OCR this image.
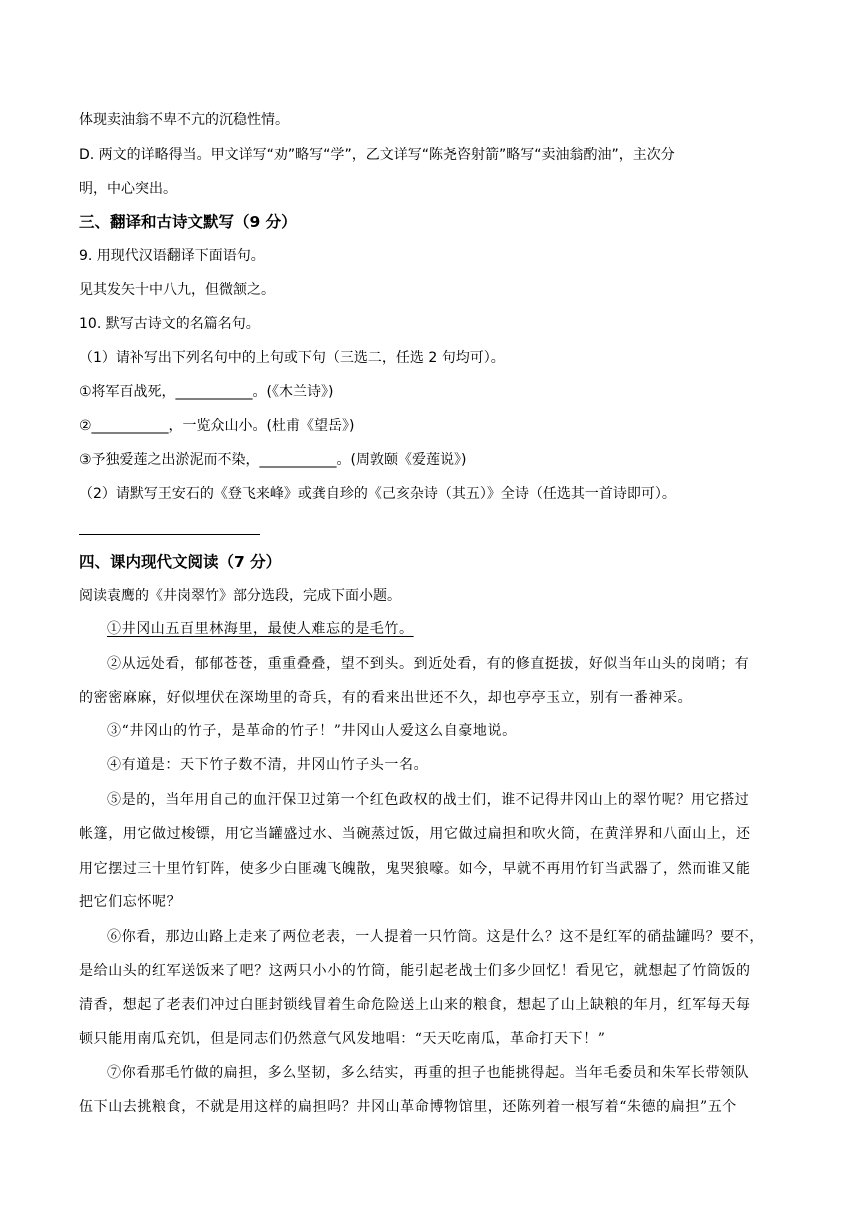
体现卖油翁不卑不亢的沉稳性情。
D. 两文的详略得当。甲文详写“劝”略写“学”，乙文详写“陈尧咨射箭”略写“卖油翁酌油”，主次分
明，中心突出。
三、翻译和古诗文默写（9 分）
9. 用现代汉语翻译下面语句。
见其发矢十中八九，但微颔之。
10. 默写古诗文的名篇名句。
（1）请补写出下列名句中的上句或下句（三选二，任选 2 句均可）。
①将军百战死，___________。(《木兰诗》)
②___________，一览众山小。(杜甫《望岳》)
③予独爱莲之出淤泥而不染，___________。(周敦颐《爱莲说》)
（2）请默写王安石的《登飞来峰》或龚自珍的《己亥杂诗（其五）》全诗（任选其一首诗即可）。
四、课内现代文阅读（7 分）
阅读袁鹰的《井岗翠竹》部分选段，完成下面小题。
①井冈山五百里林海里，最使人难忘的是毛竹。
②从远处看，郁郁苍苍，重重叠叠，望不到头。到近处看，有的修直挺拔，好似当年山头的岗哨；有
的密密麻麻，好似埋伏在深坳里的奇兵，有的看来出世还不久，却也亭亭玉立，别有一番神采。
③“井冈山的竹子，是革命的竹子！”井冈山人爱这么自豪地说。
④有道是：天下竹子数不清，井冈山竹子头一名。
⑤是的，当年用自己的血汗保卫过第一个红色政权的战士们，谁不记得井冈山上的翠竹呢？用它搭过
帐篷，用它做过梭镖，用它当罐盛过水、当碗蒸过饭，用它做过扁担和吹火筒，在黄洋界和八面山上，还
用它摆过三十里竹钉阵，使多少白匪魂飞魄散，鬼哭狼嚎。如今，早就不再用竹钉当武器了，然而谁又能
把它们忘怀呢？
⑥你看，那边山路上走来了两位老表，一人提着一只竹筒。这是什么？这不是红军的硝盐罐吗？要不，
是给山头的红军送饭来了吧？这两只小小的竹筒，能引起老战士们多少回忆！看见它，就想起了竹筒饭的
清香，想起了老表们冲过白匪封锁线冒着生命危险送上山来的粮食，想起了山上缺粮的年月，红军每天每
顿只能用南瓜充饥，但是同志们仍然意气风发地唱：“天天吃南瓜，革命打天下！”
⑦你看那毛竹做的扁担，多么坚韧，多么结实，再重的担子也能挑得起。当年毛委员和朱军长带领队
伍下山去挑粮食，不就是用这样的扁担吗？井冈山革命博物馆里，还陈列着一根写着“朱德的扁担”五个
